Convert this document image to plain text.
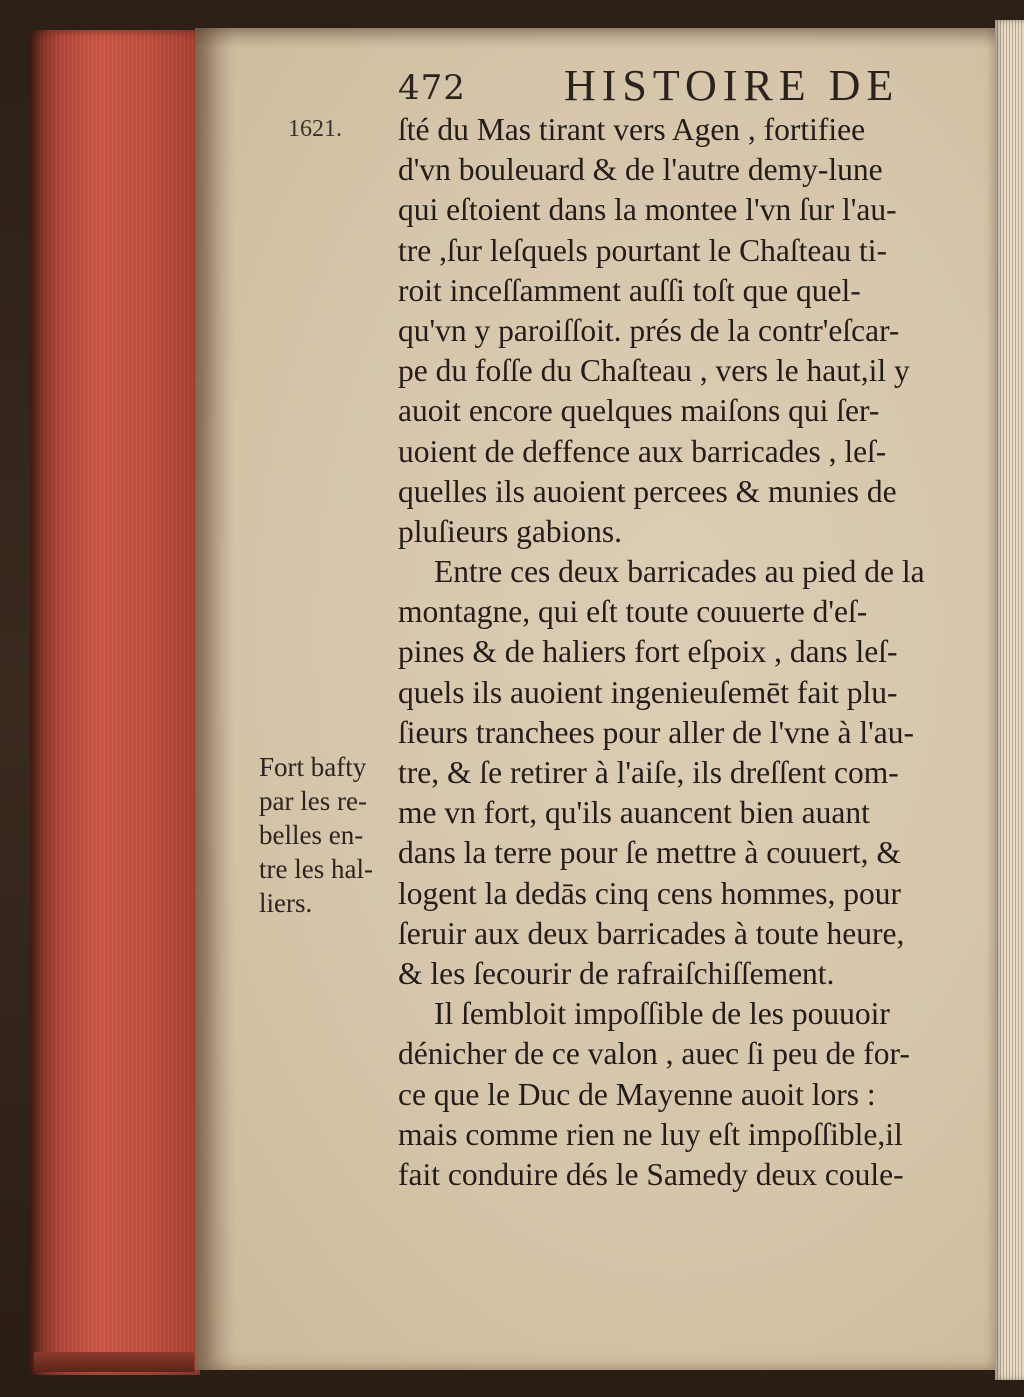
472 HISTOIRE DE
1621. ſté du Mas tirant vers Agen , fortifiee
d'vn bouleuard & de l'autre demy-lune
qui eſtoient dans la montee l'vn ſur l'au-
tre ,ſur leſquels pourtant le Chaſteau ti-
roit inceſſamment auſſi toſt que quel-
qu'vn y paroiſſoit. prés de la contr'eſcar-
pe du foſſe du Chaſteau , vers le haut,il y
auoit encore quelques maiſons qui ſer-
uoient de deffence aux barricades , leſ-
quelles ils auoient percees & munies de
pluſieurs gabions.
Entre ces deux barricades au pied de la
montagne, qui eſt toute couuerte d'eſ-
pines & de haliers fort eſpoix , dans leſ-
quels ils auoient ingenieuſemēt fait plu-
ſieurs tranchees pour aller de l'vne à l'au-
tre, & ſe retirer à l'aiſe, ils dreſſent com-
me vn fort, qu'ils auancent bien auant
dans la terre pour ſe mettre à couuert, &
logent la dedās cinq cens hommes, pour
ſeruir aux deux barricades à toute heure,
& les ſecourir de rafraiſchiſſement.
Il ſembloit impoſſible de les pouuoir
dénicher de ce valon , auec ſi peu de for-
ce que le Duc de Mayenne auoit lors :
mais comme rien ne luy eſt impoſſible,il
fait conduire dés le Samedy deux coule-
Fort bafty
par les re-
belles en-
tre les hal-
liers.
